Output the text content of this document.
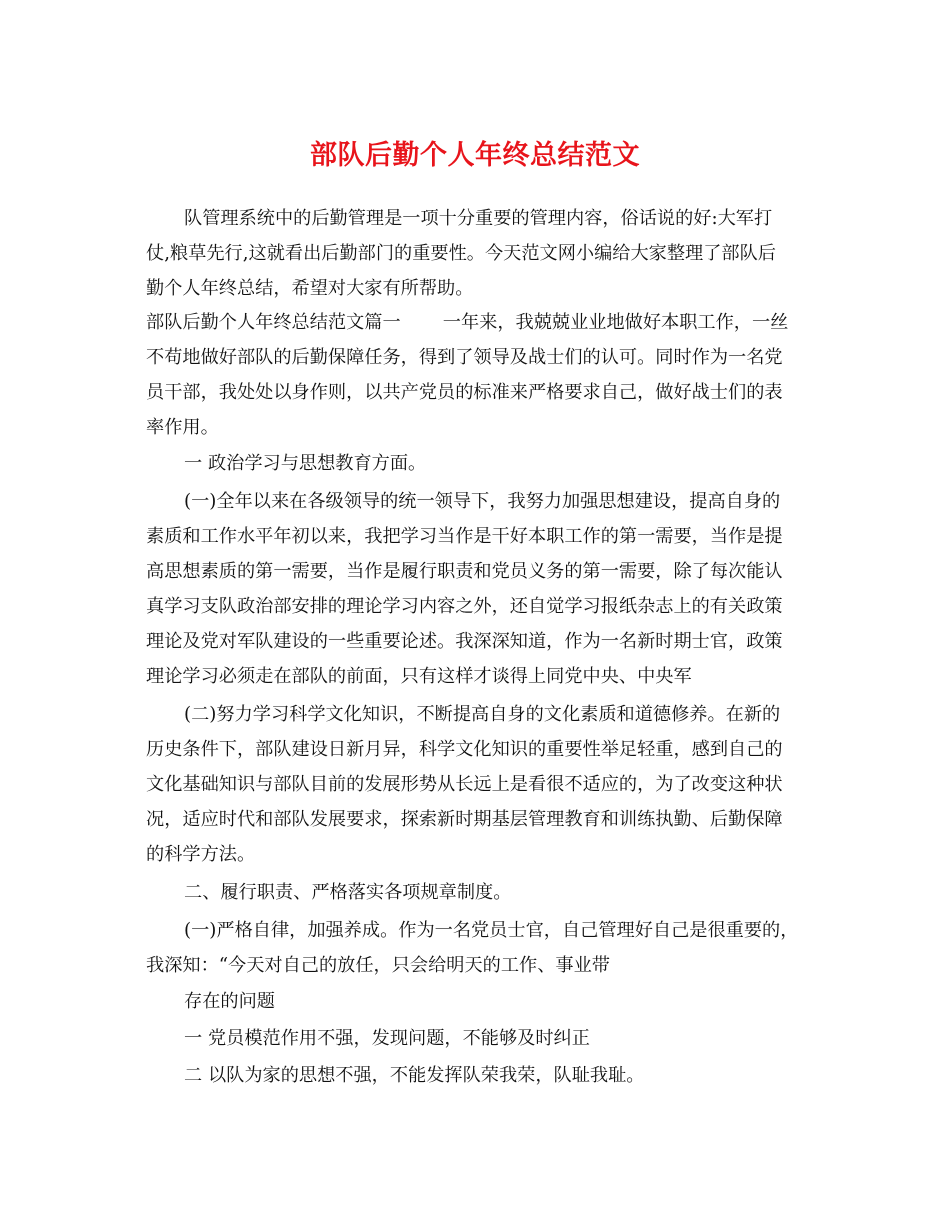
部队后勤个人年终总结范文
队管理系统中的后勤管理是一项十分重要的管理内容，俗话说的好:大军打
仗,粮草先行,这就看出后勤部门的重要性。今天范文网小编给大家整理了部队后
勤个人年终总结，希望对大家有所帮助。
部队后勤个人年终总结范文篇一　　 一年来，我兢兢业业地做好本职工作，一丝
不苟地做好部队的后勤保障任务，得到了领导及战士们的认可。同时作为一名党
员干部，我处处以身作则，以共产党员的标准来严格要求自己，做好战士们的表
率作用。
一 政治学习与思想教育方面。
(一)全年以来在各级领导的统一领导下，我努力加强思想建设，提高自身的
素质和工作水平年初以来，我把学习当作是干好本职工作的第一需要，当作是提
高思想素质的第一需要，当作是履行职责和党员义务的第一需要，除了每次能认
真学习支队政治部安排的理论学习内容之外，还自觉学习报纸杂志上的有关政策
理论及党对军队建设的一些重要论述。我深深知道，作为一名新时期士官，政策
理论学习必须走在部队的前面，只有这样才谈得上同党中央、中央军
(二)努力学习科学文化知识，不断提高自身的文化素质和道德修养。在新的
历史条件下，部队建设日新月异，科学文化知识的重要性举足轻重，感到自己的
文化基础知识与部队目前的发展形势从长远上是看很不适应的，为了改变这种状
况，适应时代和部队发展要求，探索新时期基层管理教育和训练执勤、后勤保障
的科学方法。
二、履行职责、严格落实各项规章制度。
(一)严格自律，加强养成。作为一名党员士官，自己管理好自己是很重要的，
我深知：“今天对自己的放任，只会给明天的工作、事业带
存在的问题
一 党员模范作用不强，发现问题，不能够及时纠正
二 以队为家的思想不强，不能发挥队荣我荣，队耻我耻。
